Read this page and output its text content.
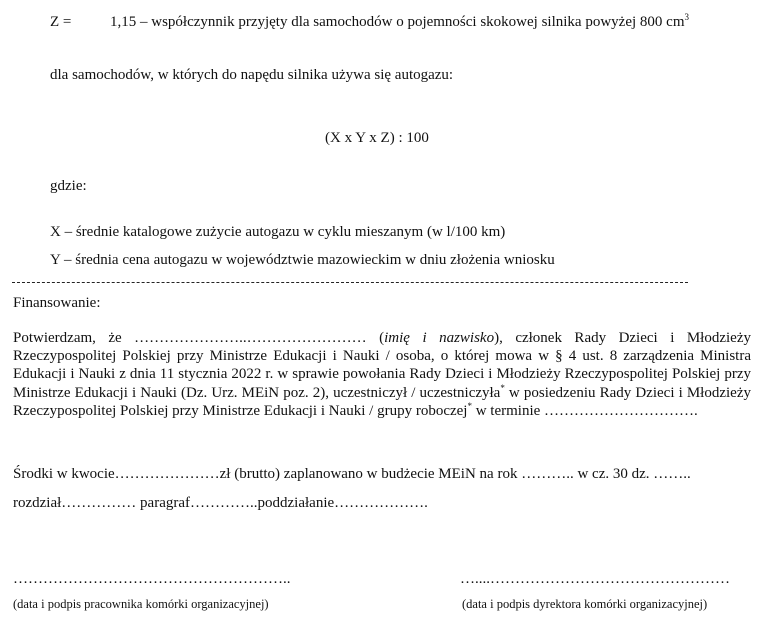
Z =	1,15 – współczynnik przyjęty dla samochodów o pojemności skokowej silnika powyżej 800 $cm^3$
dla samochodów, w których do napędu silnika używa się autogazu:
(X x Y x Z) : 100
gdzie:
X – średnie katalogowe zużycie autogazu w cyklu mieszanym (w l/100 km)
Y – średnia cena autogazu w województwie mazowieckim w dniu złożenia wniosku
Finansowanie:
Potwierdzam, że …………………..…………………… (imię i nazwisko), członek Rady Dzieci i Młodzieży Rzeczypospolitej Polskiej przy Ministrze Edukacji i Nauki / osoba, o której mowa w § 4 ust. 8 zarządzenia Ministra Edukacji i Nauki z dnia 11 stycznia 2022 r. w sprawie powołania Rady Dzieci i Młodzieży Rzeczypospolitej Polskiej przy Ministrze Edukacji i Nauki (Dz. Urz. MEiN poz. 2), uczestniczył / uczestniczyła* w posiedzeniu Rady Dzieci i Młodzieży Rzeczypospolitej Polskiej przy Ministrze Edukacji i Nauki / grupy roboczej* w terminie ………………………….
Środki w kwocie…………………zł (brutto) zaplanowano w budżecie MEiN na rok ……….. w cz. 30 dz. ……..
rozdział…………… paragraf…………..poddziałanie……………….
………………………………………………..
(data i podpis pracownika komórki organizacyjnej)
…....…………………………………………
(data i podpis dyrektora komórki organizacyjnej)
